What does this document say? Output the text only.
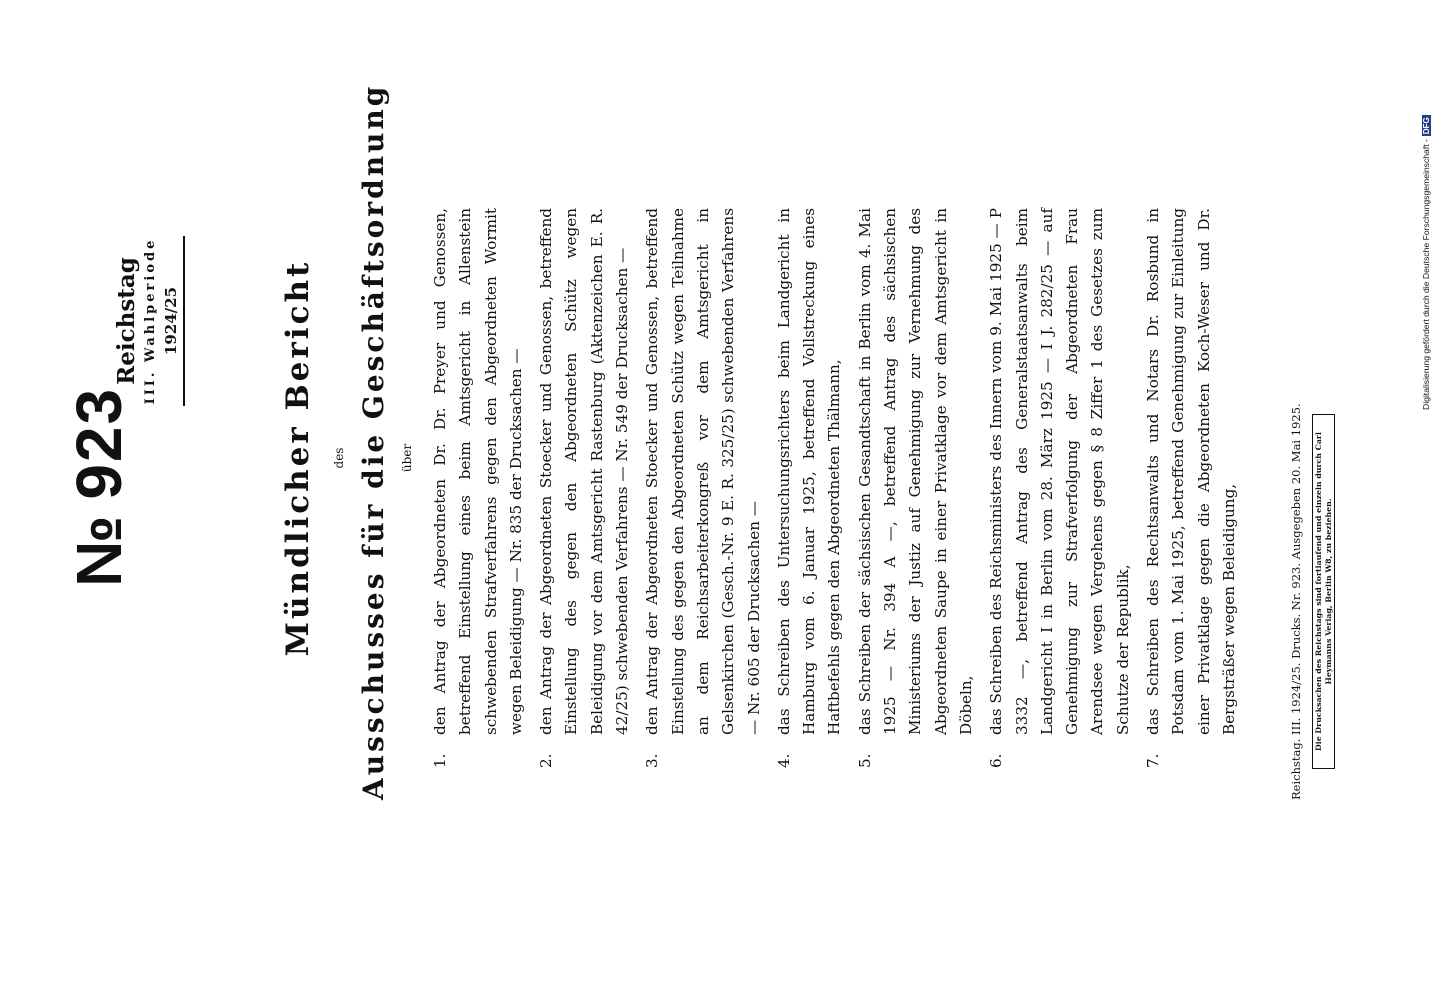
№923
Reichstag III. Wahlperiode 1924/25	Mündlicher Bericht des Ausschusses für die Geschäftsordnung über
1.
den Antrag der Abgeordneten Dr. Dr. Preyer und Genossen, betreffend Einstellung eines beim Amtsgericht in Allenstein schwebenden Strafverfahrens gegen den Abgeordneten Wormit wegen Beleidigung — Nr. 835 der Drucksachen —
2.
den Antrag der Abgeordneten Stoecker und Genossen, betreffend Einstellung des gegen den Abgeordneten Schütz wegen Beleidigung vor dem Amtsgericht Rastenburg (Aktenzeichen E. R. 42/25) schwebenden Verfahrens — Nr. 549 der Drucksachen —
3.
den Antrag der Abgeordneten Stoecker und Genossen, betreffend Einstellung des gegen den Abgeordneten Schütz wegen Teilnahme an dem Reichsarbeiterkongreß vor dem Amtsgericht in Gelsenkirchen (Gesch.-Nr. 9 E. R. 325/25) schwebenden Verfahrens — Nr. 605 der Drucksachen —
4.
das Schreiben des Untersuchungsrichters beim Landgericht in Hamburg vom 6. Januar 1925, betreffend Vollstreckung eines Haftbefehls gegen den Abgeordneten Thälmann,
5.
das Schreiben der sächsischen Gesandtschaft in Berlin vom 4. Mai 1925 — Nr. 394 A —, betreffend Antrag des sächsischen Ministeriums der Justiz auf Genehmigung zur Vernehmung des Abgeordneten Saupe in einer Privatklage vor dem Amtsgericht in Döbeln,
6.
das Schreiben des Reichsministers des Innern vom 9. Mai 1925 — P 3332 —, betreffend Antrag des Generalstaatsanwalts beim Landgericht I in Berlin vom 28. März 1925 — I J. 282/25 — auf Genehmigung zur Strafverfolgung der Abgeordneten Frau Arendsee wegen Vergehens gegen § 8 Ziffer 1 des Gesetzes zum Schutze der Republik,
7.
das Schreiben des Rechtsanwalts und Notars Dr. Rosbund in Potsdam vom 1. Mai 1925, betreffend Genehmigung zur Einleitung einer Privatklage gegen die Abgeordneten Koch-Weser und Dr. Bergsträßer wegen Beleidigung,	Reichstag. III. 1924/25. Drucks. Nr. 923. Ausgegeben 20. Mai 1925. Die Drucksachen des Reichstags sind fortlaufend und einzeln durch Carl Heymanns Verlag, Berlin W8, zu beziehen.
Digitalisierung gefördert durch die Deutsche Forschungsgemeinschaft -DFG
